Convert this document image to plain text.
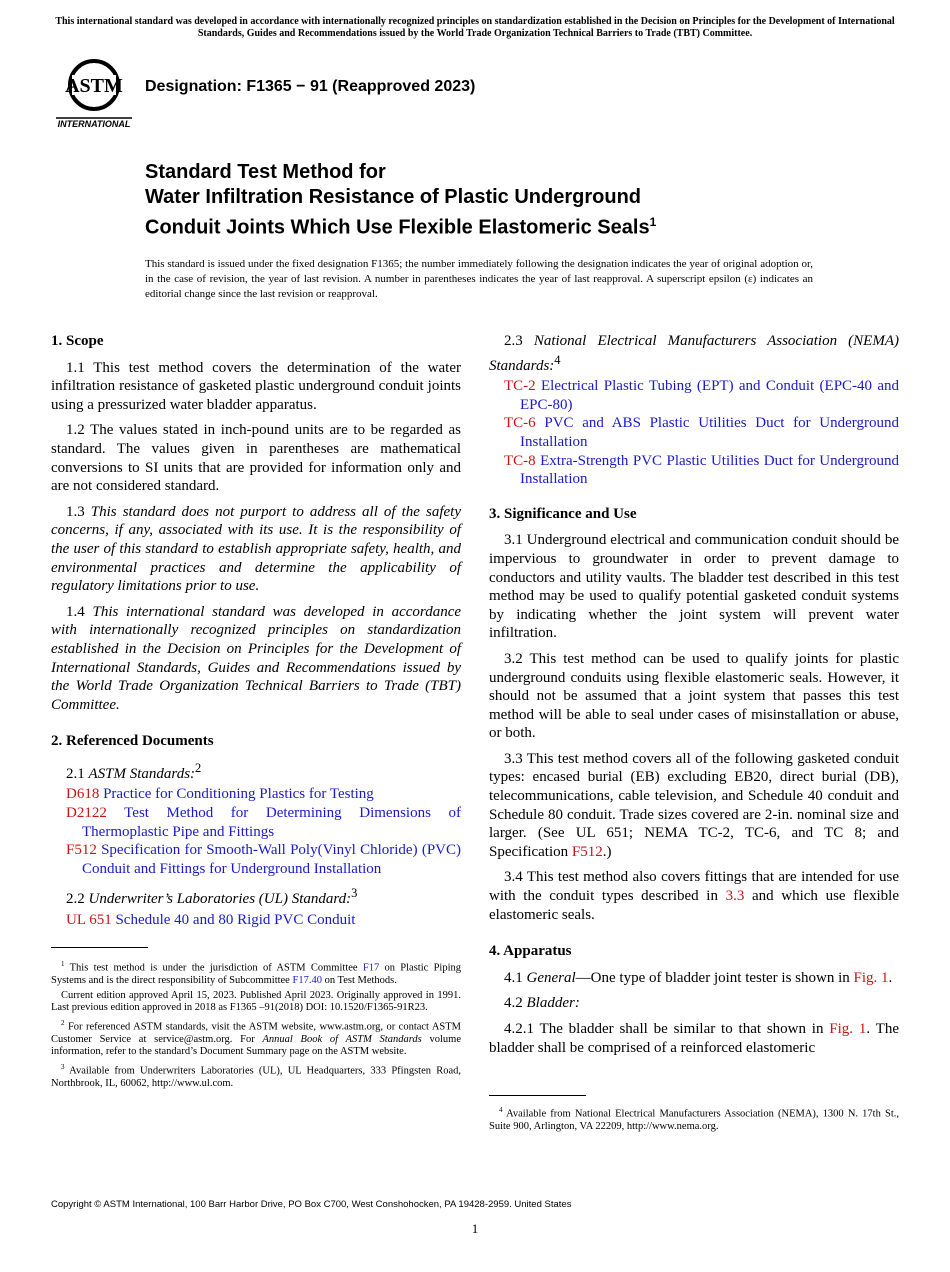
This international standard was developed in accordance with internationally recognized principles on standardization established in the Decision on Principles for the Development of International Standards, Guides and Recommendations issued by the World Trade Organization Technical Barriers to Trade (TBT) Committee.
ASTM
INTERNATIONAL
Designation: F1365 − 91 (Reapproved 2023)
Standard Test Method for
Water Infiltration Resistance of Plastic Underground
Conduit Joints Which Use Flexible Elastomeric Seals$^1$
This standard is issued under the fixed designation F1365; the number immediately following the designation indicates the year of original adoption or, in the case of revision, the year of last revision. A number in parentheses indicates the year of last reapproval. A superscript epsilon (ε) indicates an editorial change since the last revision or reapproval.

1. Scope

1.1 This test method covers the determination of the water infiltration resistance of gasketed plastic underground conduit joints using a pressurized water bladder apparatus.

1.2 The values stated in inch-pound units are to be regarded as standard. The values given in parentheses are mathematical conversions to SI units that are provided for information only and are not considered standard.

1.3 This standard does not purport to address all of the safety concerns, if any, associated with its use. It is the responsibility of the user of this standard to establish appropriate safety, health, and environmental practices and determine the applicability of regulatory limitations prior to use.

1.4 This international standard was developed in accordance with internationally recognized principles on standardization established in the Decision on Principles for the Development of International Standards, Guides and Recommendations issued by the World Trade Organization Technical Barriers to Trade (TBT) Committee.

2. Referenced Documents

2.1 ASTM Standards:$^2$

D618 Practice for Conditioning Plastics for Testing

D2122 Test Method for Determining Dimensions of Thermoplastic Pipe and Fittings

F512 Specification for Smooth-Wall Poly(Vinyl Chloride) (PVC) Conduit and Fittings for Underground Installation

2.2 Underwriter’s Laboratories (UL) Standard:$^3$

UL 651 Schedule 40 and 80 Rigid PVC Conduit

$^1$ This test method is under the jurisdiction of ASTM Committee F17 on Plastic Piping Systems and is the direct responsibility of Subcommittee F17.40 on Test Methods.

Current edition approved April 15, 2023. Published April 2023. Originally approved in 1991. Last previous edition approved in 2018 as F1365 –91(2018) DOI: 10.1520/F1365-91R23.

$^2$ For referenced ASTM standards, visit the ASTM website, www.astm.org, or contact ASTM Customer Service at service@astm.org. For Annual Book of ASTM Standards volume information, refer to the standard’s Document Summary page on the ASTM website.

$^3$ Available from Underwriters Laboratories (UL), UL Headquarters, 333 Pfingsten Road, Northbrook, IL, 60062, http://www.ul.com.

2.3 National Electrical Manufacturers Association (NEMA) Standards:$^4$

TC-2 Electrical Plastic Tubing (EPT) and Conduit (EPC-40 and EPC-80)

TC-6 PVC and ABS Plastic Utilities Duct for Underground Installation

TC-8 Extra-Strength PVC Plastic Utilities Duct for Underground Installation

3. Significance and Use

3.1 Underground electrical and communication conduit should be impervious to groundwater in order to prevent damage to conductors and utility vaults. The bladder test described in this test method may be used to qualify potential gasketed conduit systems by indicating whether the joint system will prevent water infiltration.

3.2 This test method can be used to qualify joints for plastic underground conduits using flexible elastomeric seals. However, it should not be assumed that a joint system that passes this test method will be able to seal under cases of misinstallation or abuse, or both.

3.3 This test method covers all of the following gasketed conduit types: encased burial (EB) excluding EB20, direct burial (DB), telecommunications, cable television, and Schedule 40 conduit and Schedule 80 conduit. Trade sizes covered are 2-in. nominal size and larger. (See UL 651; NEMA TC-2, TC-6, and TC 8; and Specification F512.)

3.4 This test method also covers fittings that are intended for use with the conduit types described in 3.3 and which use flexible elastomeric seals.

4. Apparatus

4.1 General—One type of bladder joint tester is shown in Fig. 1.

4.2 Bladder:

4.2.1 The bladder shall be similar to that shown in Fig. 1. The bladder shall be comprised of a reinforced elastomeric

$^4$ Available from National Electrical Manufacturers Association (NEMA), 1300 N. 17th St., Suite 900, Arlington, VA 22209, http://www.nema.org.

Copyright © ASTM International, 100 Barr Harbor Drive, PO Box C700, West Conshohocken, PA 19428-2959. United States
1
